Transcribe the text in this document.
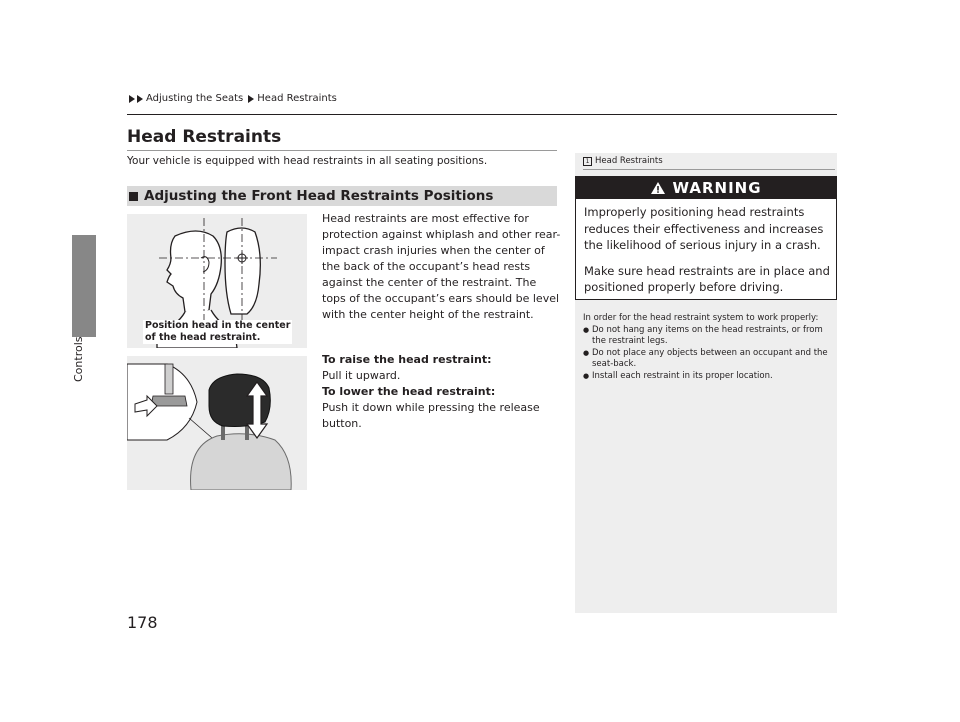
Controls
Adjusting the Seats Head Restraints
Head Restraints
Your vehicle is equipped with head restraints in all seating positions.
Adjusting the Front Head Restraints Positions
Position head in the center
of the head restraint.
Head restraints are most effective for protection against whiplash and other rear-impact crash injuries when the center of the back of the occupant’s head rests against the center of the restraint. The tops of the occupant’s ears should be level with the center height of the restraint.
To raise the head restraint:
Pull it upward.
To lower the head restraint:
Push it down while pressing the release button.
1 Head Restraints
WARNING

Improperly positioning head restraints reduces their effectiveness and increases the likelihood of serious injury in a crash.

Make sure head restraints are in place and positioned properly before driving.

In order for the head restraint system to work properly:

● Do not hang any items on the head restraints, or from the restraint legs.
● Do not place any objects between an occupant and the seat-back.
● Install each restraint in its proper location.
178
